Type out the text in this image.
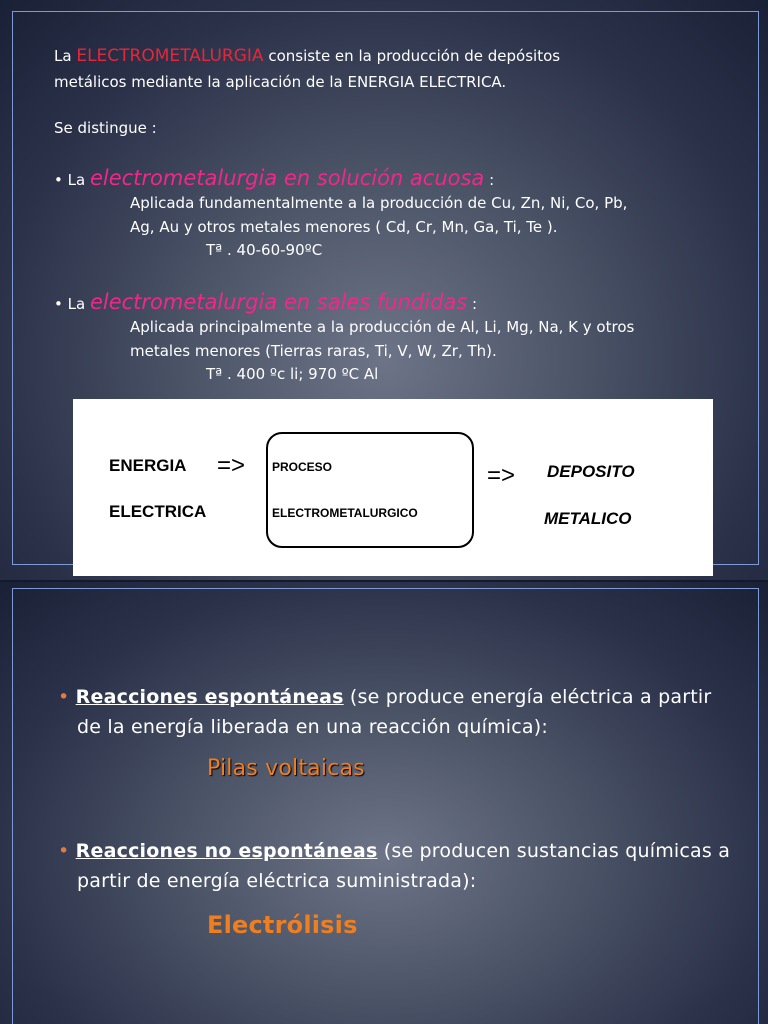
La ELECTROMETALURGIA consiste en la producción de depósitos
metálicos mediante la aplicación de la ENERGIA ELECTRICA.
Se distingue :
• La electrometalurgia en solución acuosa :
Aplicada fundamentalmente a la producción de Cu, Zn, Ni, Co, Pb,
Ag, Au y otros metales menores ( Cd, Cr, Mn, Ga, Ti, Te ).
Tª . 40-60-90ºC
• La electrometalurgia en sales fundidas :
Aplicada principalmente a la producción de Al, Li, Mg, Na, K y otros
metales menores (Tierras raras, Ti, V, W, Zr, Th).
Tª . 400 ºc li; 970 ºC Al
ENERGIA
ELECTRICA
=> PROCESO
ELECTROMETALURGICO
=> DEPOSITO
METALICO
• Reacciones espontáneas (se produce energía eléctrica a partir
de la energía liberada en una reacción química):
Pilas voltaicas
• Reacciones no espontáneas (se producen sustancias químicas a
partir de energía eléctrica suministrada):
Electrólisis
